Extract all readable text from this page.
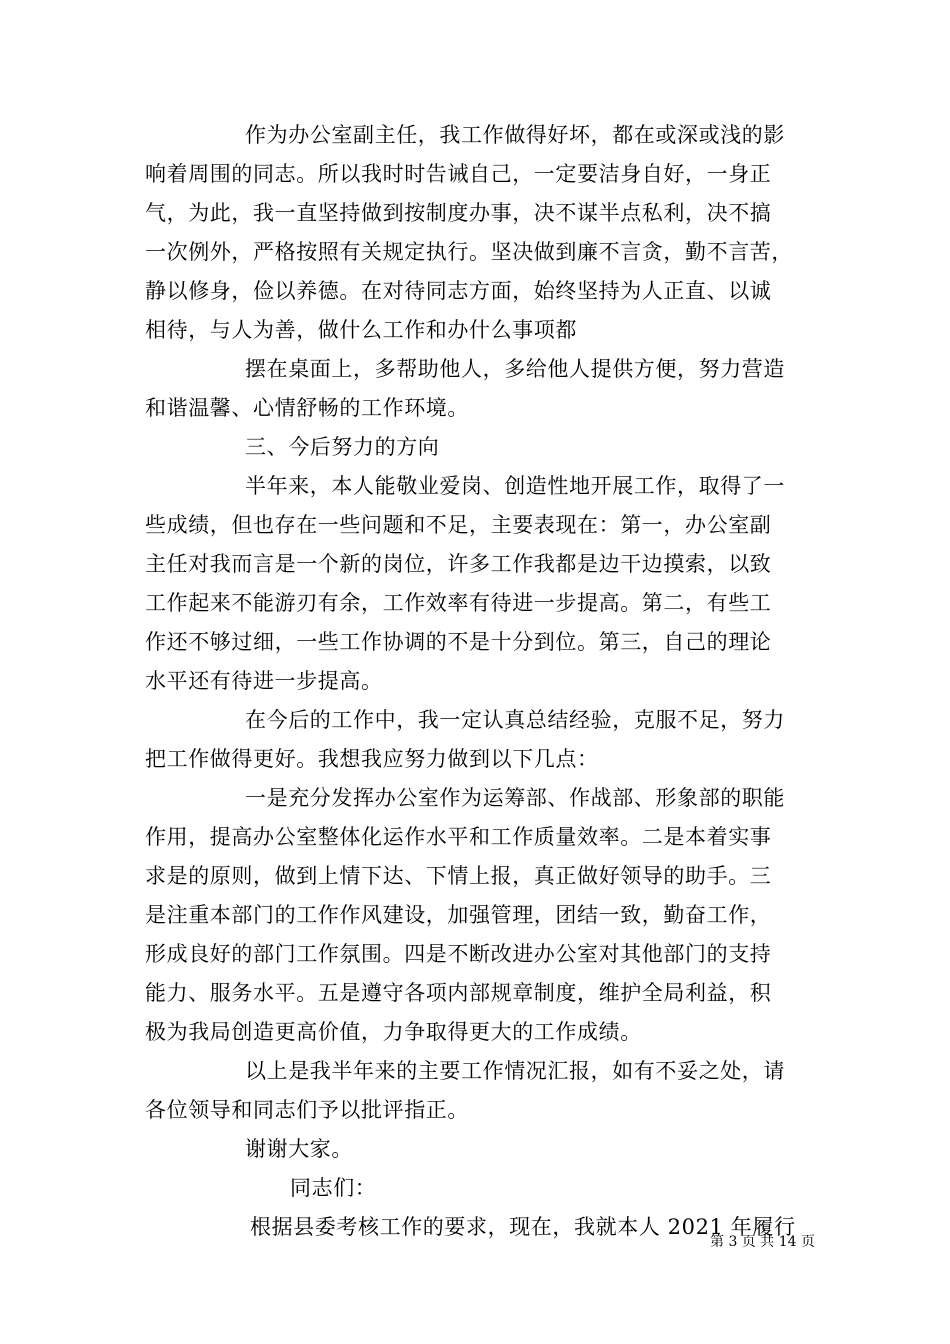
作为办公室副主任，我工作做得好坏，都在或深或浅的影
响着周围的同志。所以我时时告诫自己，一定要洁身自好，一身正
气，为此，我一直坚持做到按制度办事，决不谋半点私利，决不搞
一次例外，严格按照有关规定执行。坚决做到廉不言贪，勤不言苦，
静以修身，俭以养德。在对待同志方面，始终坚持为人正直、以诚
相待，与人为善，做什么工作和办什么事项都
摆在桌面上，多帮助他人，多给他人提供方便，努力营造
和谐温馨、心情舒畅的工作环境。
三、今后努力的方向
半年来，本人能敬业爱岗、创造性地开展工作，取得了一
些成绩，但也存在一些问题和不足，主要表现在：第一，办公室副
主任对我而言是一个新的岗位，许多工作我都是边干边摸索，以致
工作起来不能游刃有余，工作效率有待进一步提高。第二，有些工
作还不够过细，一些工作协调的不是十分到位。第三，自己的理论
水平还有待进一步提高。
在今后的工作中，我一定认真总结经验，克服不足，努力
把工作做得更好。我想我应努力做到以下几点：
一是充分发挥办公室作为运筹部、作战部、形象部的职能
作用，提高办公室整体化运作水平和工作质量效率。二是本着实事
求是的原则，做到上情下达、下情上报，真正做好领导的助手。三
是注重本部门的工作作风建设，加强管理，团结一致，勤奋工作，
形成良好的部门工作氛围。四是不断改进办公室对其他部门的支持
能力、服务水平。五是遵守各项内部规章制度，维护全局利益，积
极为我局创造更高价值，力争取得更大的工作成绩。
以上是我半年来的主要工作情况汇报，如有不妥之处，请
各位领导和同志们予以批评指正。
谢谢大家。
同志们：
根据县委考核工作的要求，现在，我就本人 2021 年履行
第 3 页 共 14 页
